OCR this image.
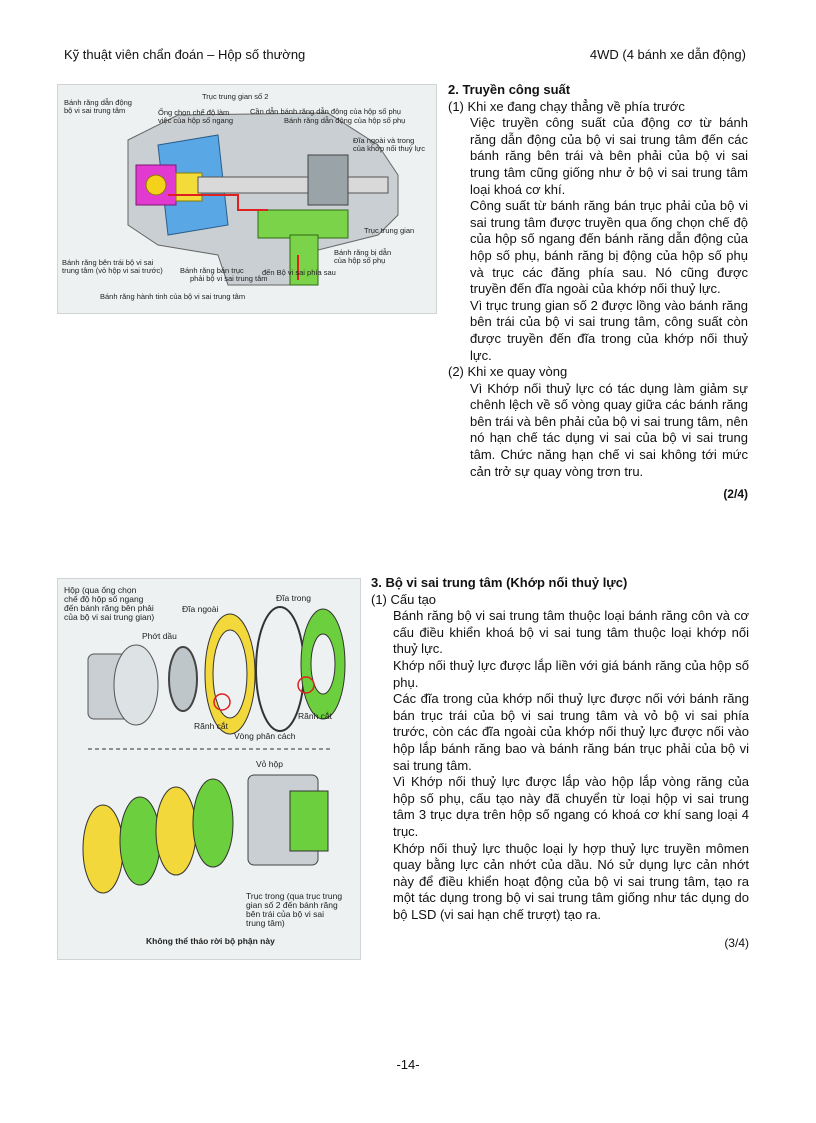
Kỹ thuật viên chẩn đoán – Hộp số thường	4WD (4 bánh xe dẫn động)
Bánh răng dẫn động
bộ vi sai trung tâm
Trục trung gian số 2
Ống chọn chế độ làm
việc của hộp số ngang
Cần dẫn bánh răng dẫn động của hộp số phụ
Bánh răng dẫn động của hộp số phụ
Đĩa ngoài và trong
của khớp nối thuỷ lực
Trục trung gian
Bánh răng bị dẫn
của hộp số phụ
Bánh răng bên trái bộ vi sai
trung tâm (vỏ hộp vi sai trước) Bánh răng bán trục
phải bộ vi sai trung tâm
đến Bộ vi sai phía sau
Bánh răng hành tinh của bộ vi sai trung tâm
2. Truyền công suất
(1) Khi xe đang chạy thẳng về phía trước
Việc truyền công suất của động cơ từ bánh răng dẫn động của bộ vi sai trung tâm đến các bánh răng bên trái và bên phải của bộ vi sai trung tâm cũng giống như ở bộ vi sai trung tâm loại khoá cơ khí.
Công suất từ bánh răng bán trục phải của bộ vi sai trung tâm được truyền qua ống chọn chế độ của hộp số ngang đến bánh răng dẫn động của hộp số phụ, bánh răng bị động của hộp số phụ và trục các đăng phía sau. Nó cũng được truyền đến đĩa ngoài của khớp nối thuỷ lực.
Vì trục trung gian số 2 được lồng vào bánh răng bên trái của bộ vi sai trung tâm, công suất còn được truyền đến đĩa trong của khớp nối thuỷ lực.
(2) Khi xe quay vòng
Vì Khớp nối thuỷ lực có tác dụng làm giảm sự chênh lệch về số vòng quay giữa các bánh răng bên trái và bên phải của bộ vi sai trung tâm, nên nó hạn chế tác dụng vi sai của bộ vi sai trung tâm. Chức năng hạn chế vi sai không tới mức cản trở sự quay vòng trơn tru.
(2/4)
Hộp (qua ống chọn
chế độ hộp số ngang
đến bánh răng bên phải
của bộ vi sai trung gian)
Đĩa trong
Đĩa ngoài
Phớt dầu
Rãnh cắt
Rãnh cắt
Vòng phân cách
Vỏ hộp
Trục trong (qua trục trung
gian số 2 đến bánh răng
bên trái của bộ vi sai
trung tâm)
Không thể tháo rời bộ phận này
3. Bộ vi sai trung tâm (Khớp nối thuỷ lực)
(1) Cấu tạo
Bánh răng bộ vi sai trung tâm thuộc loại bánh răng côn và cơ cấu điều khiển khoá bộ vi sai tung tâm thuộc loại khớp nối thuỷ lực.
Khớp nối thuỷ lực được lắp liền với giá bánh răng của hộp số phụ.
Các đĩa trong của khớp nối thuỷ lực được nối với bánh răng bán trục trái của bộ vi sai trung tâm và vỏ bộ vi sai phía trước, còn các đĩa ngoài của khớp nối thuỷ lực được nối vào hộp lắp bánh răng bao và bánh răng bán trục phải của bộ vi sai trung tâm.
Vì Khớp nối thuỷ lực được lắp vào hộp lắp vòng răng của hộp số phụ, cấu tạo này đã chuyển từ loại hộp vi sai trung tâm 3 trục dựa trên hộp số ngang có khoá cơ khí sang loại 4 trục.
Khớp nối thuỷ lực thuộc loại ly hợp thuỷ lực truyền mômen quay bằng lực cản nhớt của dầu. Nó sử dụng lực cản nhớt này để điều khiển hoạt động của bộ vi sai trung tâm, tạo ra một tác dụng trong bộ vi sai trung tâm giống như tác dụng do bộ LSD (vi sai hạn chế trượt) tạo ra.
(3/4)
-14-
